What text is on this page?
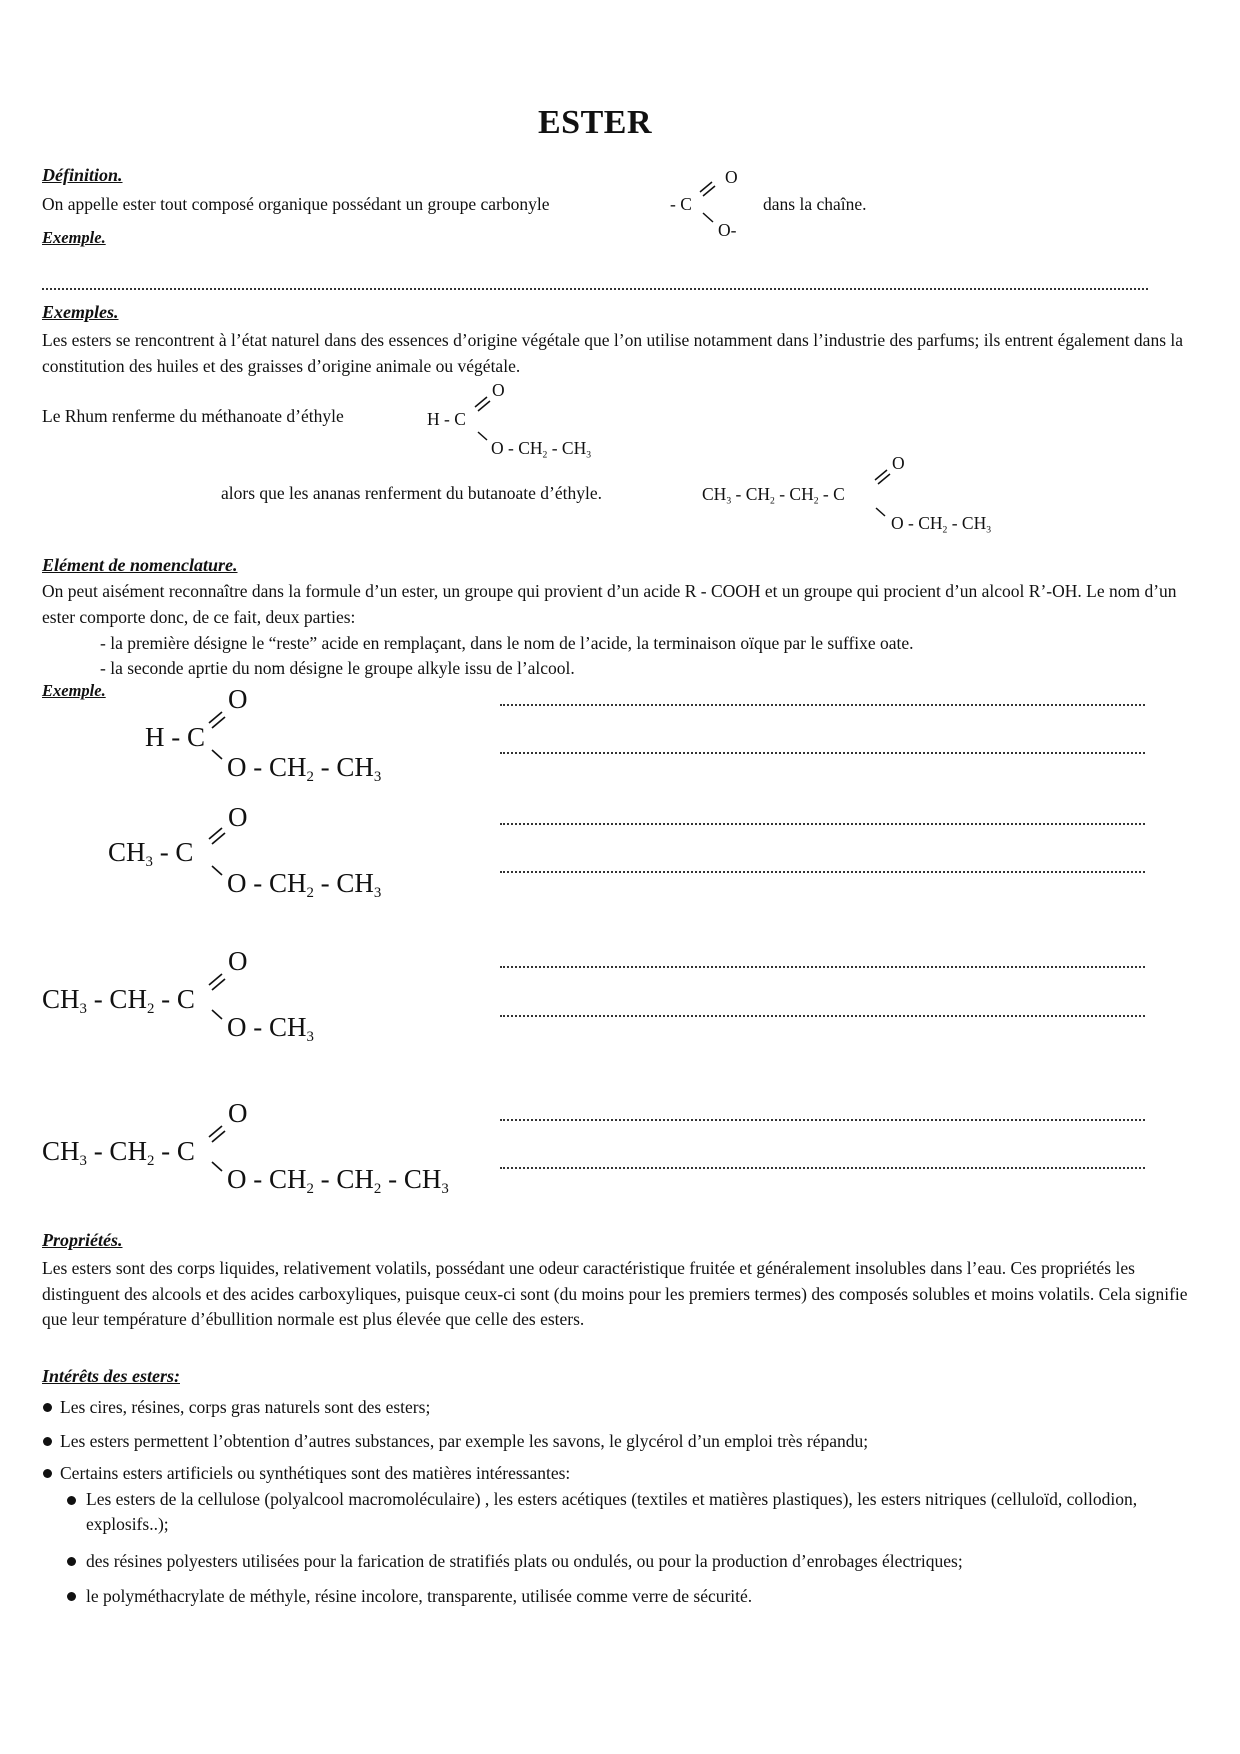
ESTER
Définition.
On appelle ester tout composé organique possédant un groupe carbonyle	- C
O
O-
dans la chaîne.
Exemple.
Exemples.
Les esters se rencontrent à l’état naturel dans des essences d’origine végétale que l’on utilise notamment dans l’industrie des parfums; ils entrent également dans la constitution des huiles et des graisses d’origine animale ou végétale.
Le Rhum renferme du méthanoate d’éthyle	H - C
O
O - $CH_2 - CH_3$
alors que les ananas renferment du butanoate d’éthyle.	$CH_3 - CH_2 - CH_2$ - C
O
O - $CH_2 - CH_3$
Elément de nomenclature.
On peut aisément reconnaître dans la formule d’un ester, un groupe qui provient d’un acide R - COOH et un groupe qui procient d’un alcool R’-OH. Le nom d’un ester comporte donc, de ce fait, deux parties:
- la première désigne le “reste” acide en remplaçant, dans le nom de l’acide, la terminaison oïque par le suffixe oate.
- la seconde aprtie du nom désigne le groupe alkyle issu de l’alcool.
Exemple.
H - C
O
O - $CH_2 - CH_3$
$CH_3$ - C
O
O - $CH_2 - CH_3$
$CH_3 - CH_2$ - C
O
O - $CH_3$
$CH_3 - CH_2$ - C
O
O - $CH_2 - CH_2 - CH_3$
Propriétés.
Les esters sont des corps liquides, relativement volatils, possédant une odeur caractéristique fruitée et généralement insolubles dans l’eau. Ces propriétés les distinguent des alcools et des acides carboxyliques, puisque ceux-ci sont (du moins pour les premiers termes) des composés solubles et moins volatils. Cela signifie que leur température d’ébullition normale est plus élevée que celle des esters.
Intérêts des esters:
Les cires, résines, corps gras naturels sont des esters;
Les esters permettent l’obtention d’autres substances, par exemple les savons, le glycérol d’un emploi très répandu;
Certains esters artificiels ou synthétiques sont des matières intéressantes:
Les esters de la cellulose (polyalcool macromoléculaire) , les esters acétiques (textiles et matières plastiques), les esters nitriques (celluloïd, collodion, explosifs..);
des résines polyesters utilisées pour la farication de stratifiés plats ou ondulés, ou pour la production d’enrobages électriques;
le polyméthacrylate de méthyle, résine incolore, transparente, utilisée comme verre de sécurité.
